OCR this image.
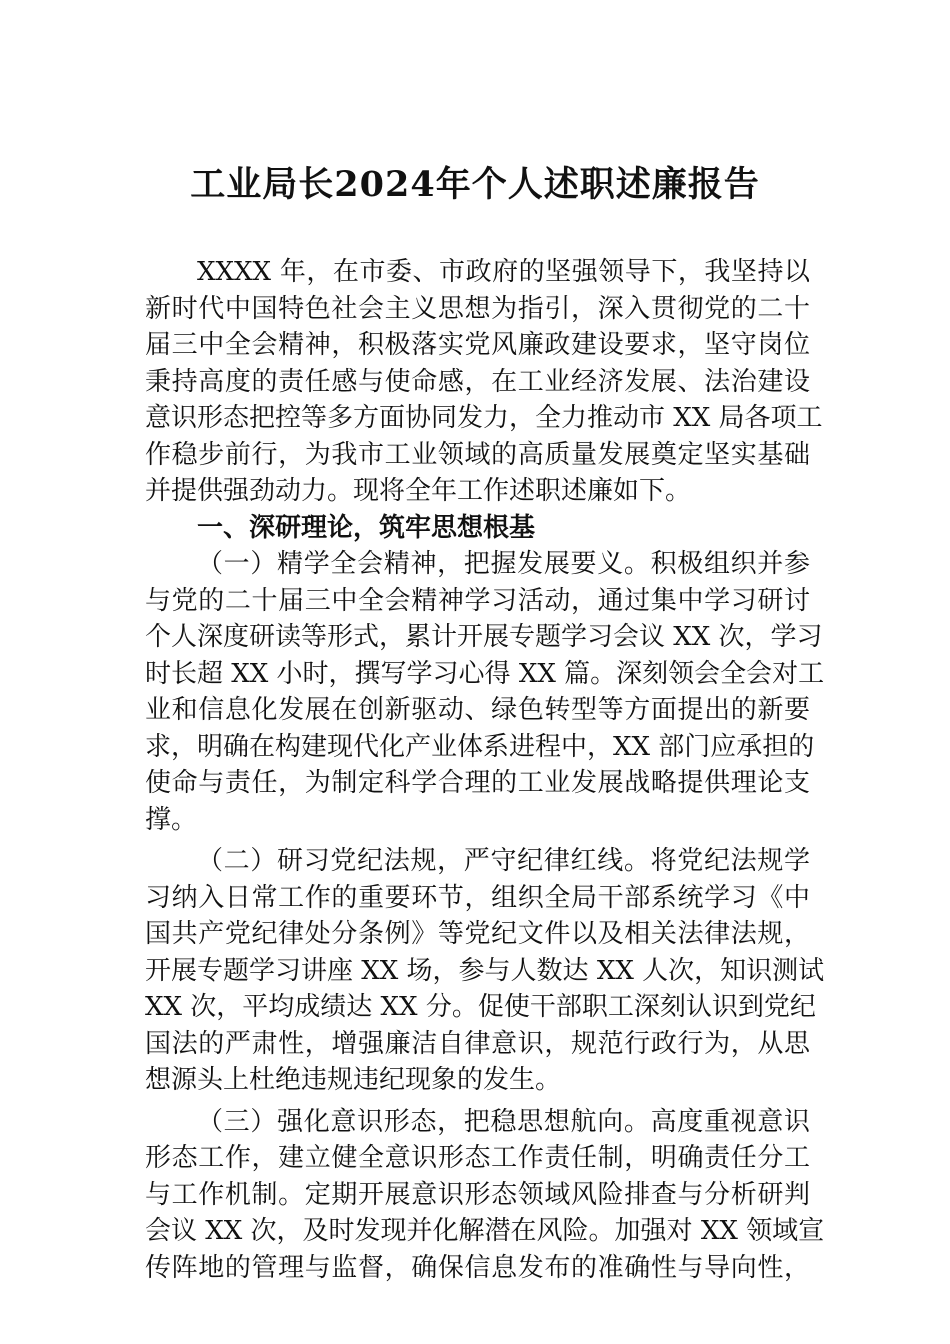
工业局长2024年个人述职述廉报告
XXXX 年，在市委、市政府的坚强领导下，我坚持以
新时代中国特色社会主义思想为指引，深入贯彻党的二十
届三中全会精神，积极落实党风廉政建设要求，坚守岗位
秉持高度的责任感与使命感，在工业经济发展、法治建设
意识形态把控等多方面协同发力，全力推动市 XX 局各项工
作稳步前行，为我市工业领域的高质量发展奠定坚实基础
并提供强劲动力。现将全年工作述职述廉如下。
一、深研理论，筑牢思想根基
（一）精学全会精神，把握发展要义。积极组织并参
与党的二十届三中全会精神学习活动，通过集中学习研讨
个人深度研读等形式，累计开展专题学习会议 XX 次，学习
时长超 XX 小时，撰写学习心得 XX 篇。深刻领会全会对工
业和信息化发展在创新驱动、绿色转型等方面提出的新要
求，明确在构建现代化产业体系进程中，XX 部门应承担的
使命与责任，为制定科学合理的工业发展战略提供理论支
撑。
（二）研习党纪法规，严守纪律红线。将党纪法规学
习纳入日常工作的重要环节，组织全局干部系统学习《中
国共产党纪律处分条例》等党纪文件以及相关法律法规，
开展专题学习讲座 XX 场，参与人数达 XX 人次，知识测试
XX 次，平均成绩达 XX 分。促使干部职工深刻认识到党纪
国法的严肃性，增强廉洁自律意识，规范行政行为，从思
想源头上杜绝违规违纪现象的发生。
（三）强化意识形态，把稳思想航向。高度重视意识
形态工作，建立健全意识形态工作责任制，明确责任分工
与工作机制。定期开展意识形态领域风险排查与分析研判
会议 XX 次，及时发现并化解潜在风险。加强对 XX 领域宣
传阵地的管理与监督，确保信息发布的准确性与导向性，
